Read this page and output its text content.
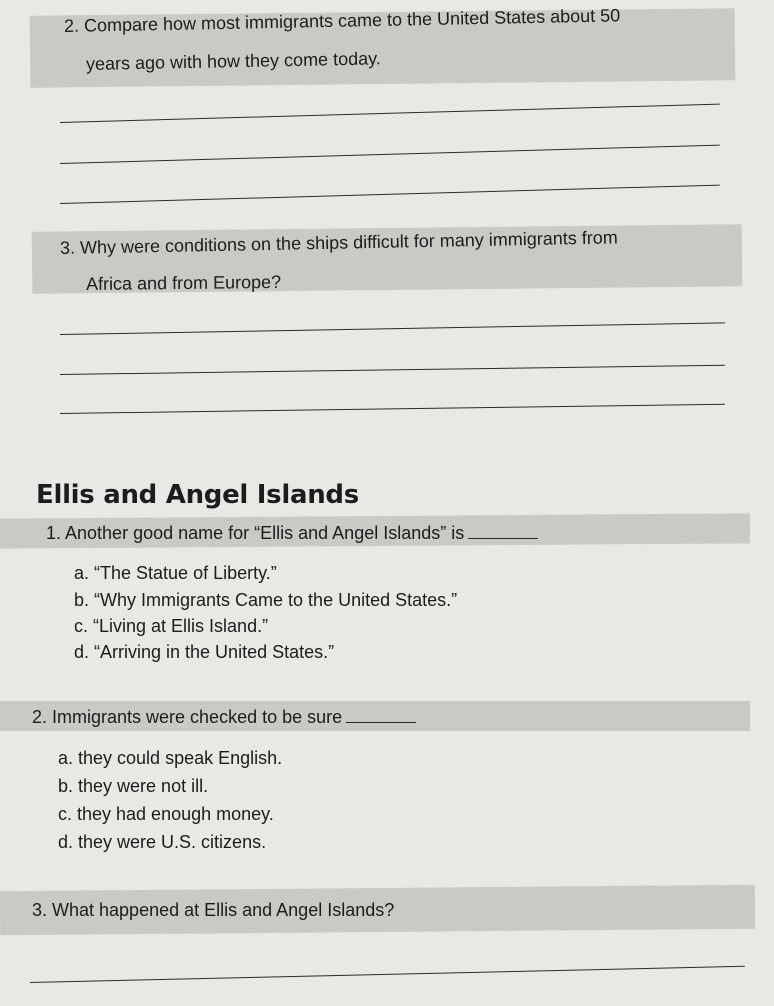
2. Compare how most immigrants came to the United States about 50
years ago with how they come today.
3. Why were conditions on the ships difficult for many immigrants from
Africa and from Europe?
Ellis and Angel Islands
1. Another good name for “Ellis and Angel Islands” is
a. “The Statue of Liberty.”
b. “Why Immigrants Came to the United States.”
c. “Living at Ellis Island.”
d. “Arriving in the United States.”
2. Immigrants were checked to be sure
a. they could speak English.
b. they were not ill.
c. they had enough money.
d. they were U.S. citizens.
3. What happened at Ellis and Angel Islands?
